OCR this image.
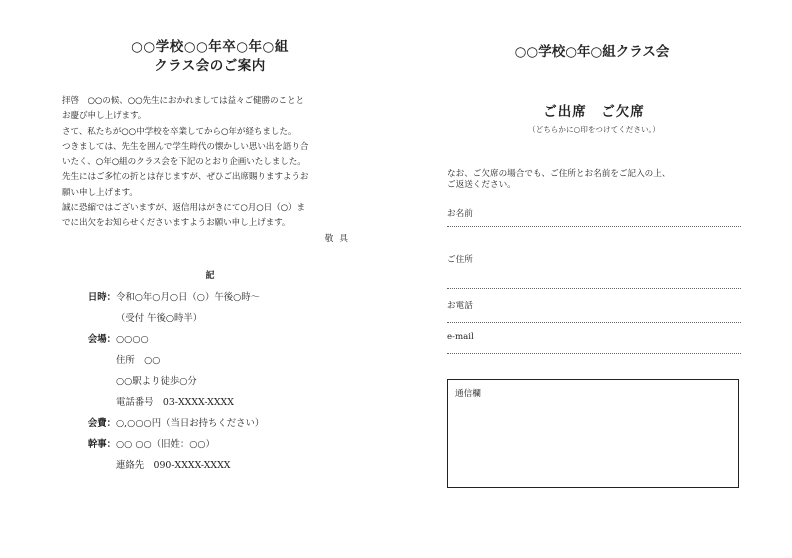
○○学校○○年卒○年○組
クラス会のご案内

拝啓　○○の候、○○先生におかれましては益々ご健勝のことと

お慶び申し上げます。

さて、私たちが○○中学校を卒業してから○年が経ちました。

つきましては、先生を囲んで学生時代の懐かしい思い出を語り合

いたく、○年○組のクラス会を下記のとおり企画いたしました。

先生にはご多忙の折とは存じますが、ぜひご出席賜りますようお

願い申し上げます。

誠に恐縮ではございますが、返信用はがきにて○月○日（○）ま

でに出欠をお知らせくださいますようお願い申し上げます。

敬具

記
日時： 令和○年○月○日（○）午後○時～
（受付 午後○時半）
会場： ○○○○
住所　○○
○○駅より徒歩○分
電話番号　03-XXXX-XXXX
会費： ○,○○○円（当日お持ちください）
幹事： ○○ ○○（旧姓：○○）
連絡先　090-XXXX-XXXX
○○学校○年○組クラス会
ご出席　ご欠席
（どちらかに○印をつけてください。）

なお、ご欠席の場合でも、ご住所とお名前をご記入の上、

ご返送ください。

お名前
ご住所
お電話
e-mail
通信欄
